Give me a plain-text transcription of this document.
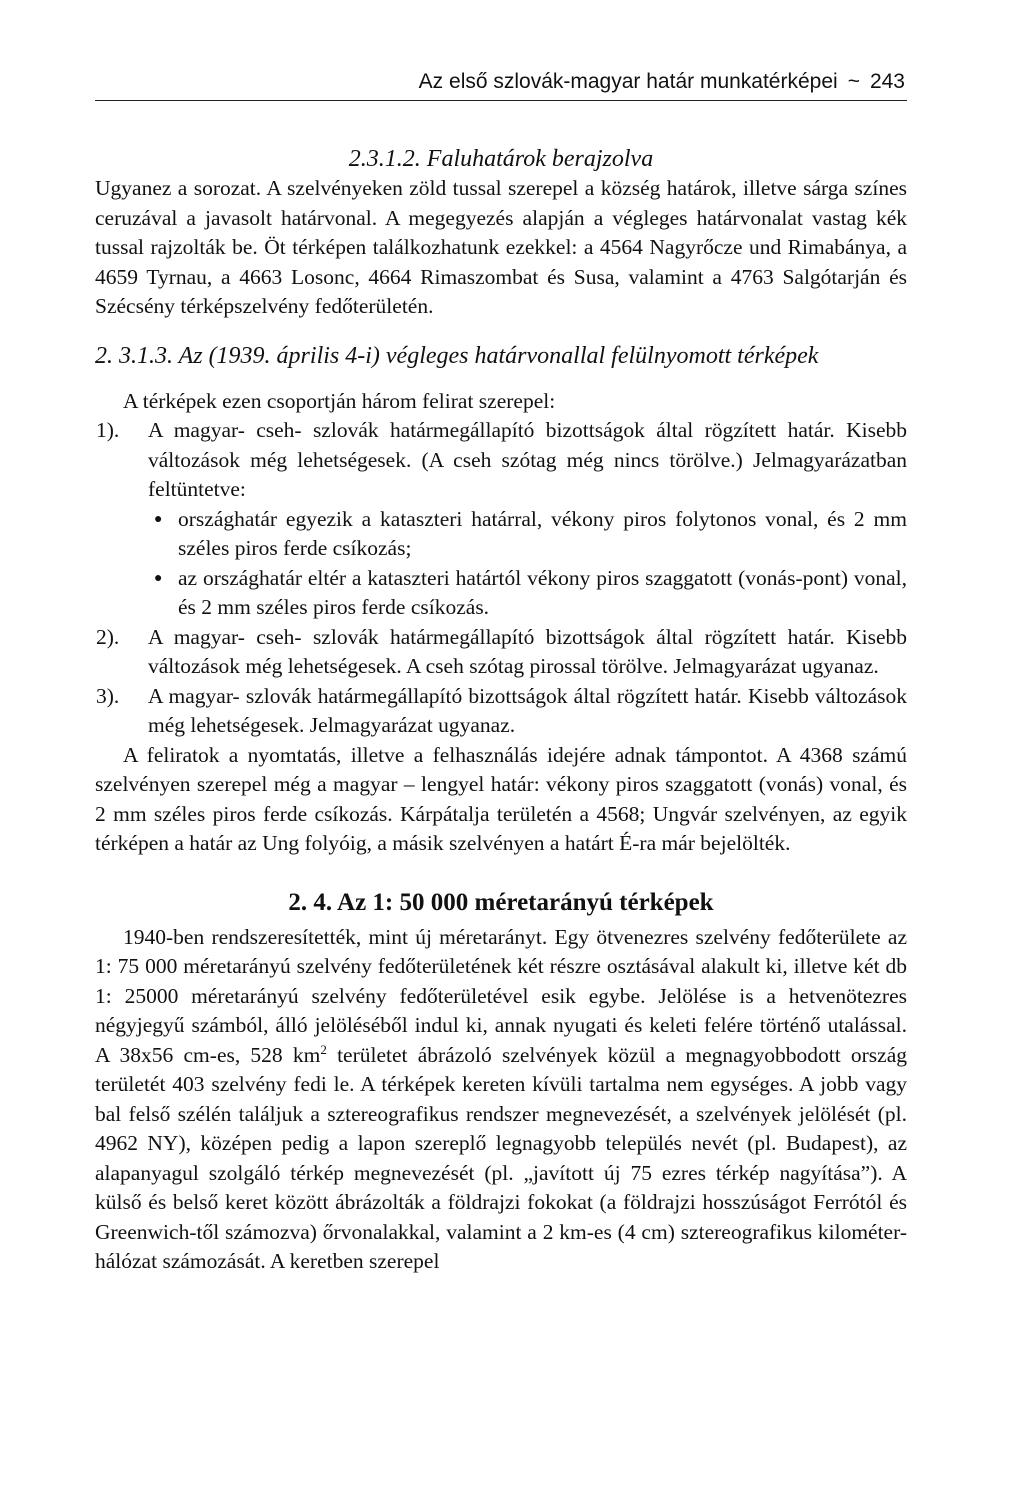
Az első szlovák-magyar határ munkatérképei ~ 243
2.3.1.2. Faluhatárok berajzolva

Ugyanez a sorozat. A szelvényeken zöld tussal szerepel a község határok, illetve sárga színes ceruzával a javasolt határvonal. A megegyezés alapján a végleges határvonalat vastag kék tussal rajzolták be. Öt térképen találkozhatunk ezekkel: a 4564 Nagyrőcze und Rimabánya, a 4659 Tyrnau, a 4663 Losonc, 4664 Rimaszombat és Susa, valamint a 4763 Salgótarján és Szécsény térképszelvény fedőterületén.

2. 3.1.3. Az (1939. április 4-i) végleges határvonallal felülnyomott térképek

A térképek ezen csoportján három felirat szerepel:

1).	A magyar- cseh- szlovák határmegállapító bizottságok által rögzített határ. Kisebb változások még lehetségesek. (A cseh szótag még nincs törölve.) Jelmagyarázatban feltüntetve:
● országhatár egyezik a kataszteri határral, vékony piros folytonos vonal, és 2 mm széles piros ferde csíkozás;
● az országhatár eltér a kataszteri határtól vékony piros szaggatott (vonás-pont) vonal, és 2 mm széles piros ferde csíkozás.
2).	A magyar- cseh- szlovák határmegállapító bizottságok által rögzített határ. Kisebb változások még lehetségesek. A cseh szótag pirossal törölve. Jelmagyarázat ugyanaz.
3).	A magyar- szlovák határmegállapító bizottságok által rögzített határ. Kisebb változások még lehetségesek. Jelmagyarázat ugyanaz.

A feliratok a nyomtatás, illetve a felhasználás idejére adnak támpontot. A 4368 számú szelvényen szerepel még a magyar – lengyel határ: vékony piros szaggatott (vonás) vonal, és 2 mm széles piros ferde csíkozás. Kárpátalja területén a 4568; Ungvár szelvényen, az egyik térképen a határ az Ung folyóig, a másik szelvényen a határt É-ra már bejelölték.

2. 4. Az 1: 50 000 méretarányú térképek

1940-ben rendszeresítették, mint új méretarányt. Egy ötvenezres szelvény fedőterülete az 1: 75 000 méretarányú szelvény fedőterületének két részre osztásával alakult ki, illetve két db 1: 25000 méretarányú szelvény fedőterületével esik egybe. Jelölése is a hetvenötezres négyjegyű számból, álló jelöléséből indul ki, annak nyugati és keleti felére történő utalással. A 38x56 cm-es, 528 $km^2$ területet ábrázoló szelvények közül a megnagyobbodott ország területét 403 szelvény fedi le. A térképek kereten kívüli tartalma nem egységes. A jobb vagy bal felső szélén találjuk a sztereografikus rendszer megnevezését, a szelvények jelölését (pl. 4962 NY), középen pedig a lapon szereplő legnagyobb település nevét (pl. Budapest), az alapanyagul szolgáló térkép megnevezését (pl. „javított új 75 ezres térkép nagyítása”). A külső és belső keret között ábrázolták a földrajzi fokokat (a földrajzi hosszúságot Ferrótól és Greenwich-től számozva) őrvonalakkal, valamint a 2 km-es (4 cm) sztereografikus kilométer-hálózat számozását. A keretben szerepel
